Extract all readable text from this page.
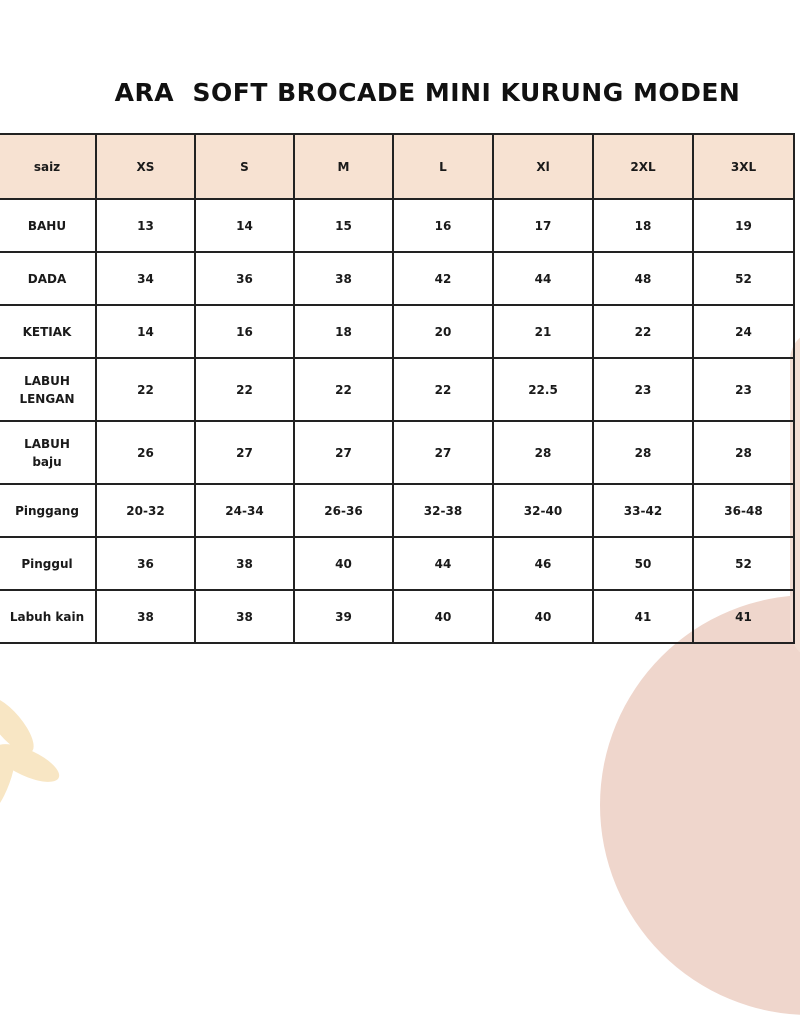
ARA  SOFT BROCADE MINI KURUNG MODEN
saiz	XS	S	M	L	Xl	2XL	3XL

BAHU	13	14	15	16	17	18	19

DADA	34	36	38	42	44	48	52

KETIAK	14	16	18	20	21	22	24

LABUH
LENGAN	22	22	22	22	22.5	23	23

LABUH
baju	26	27	27	27	28	28	28

Pinggang	20-32	24-34	26-36	32-38	32-40	33-42	36-48

Pinggul	36	38	40	44	46	50	52

Labuh kain	38	38	39	40	40	41	41
